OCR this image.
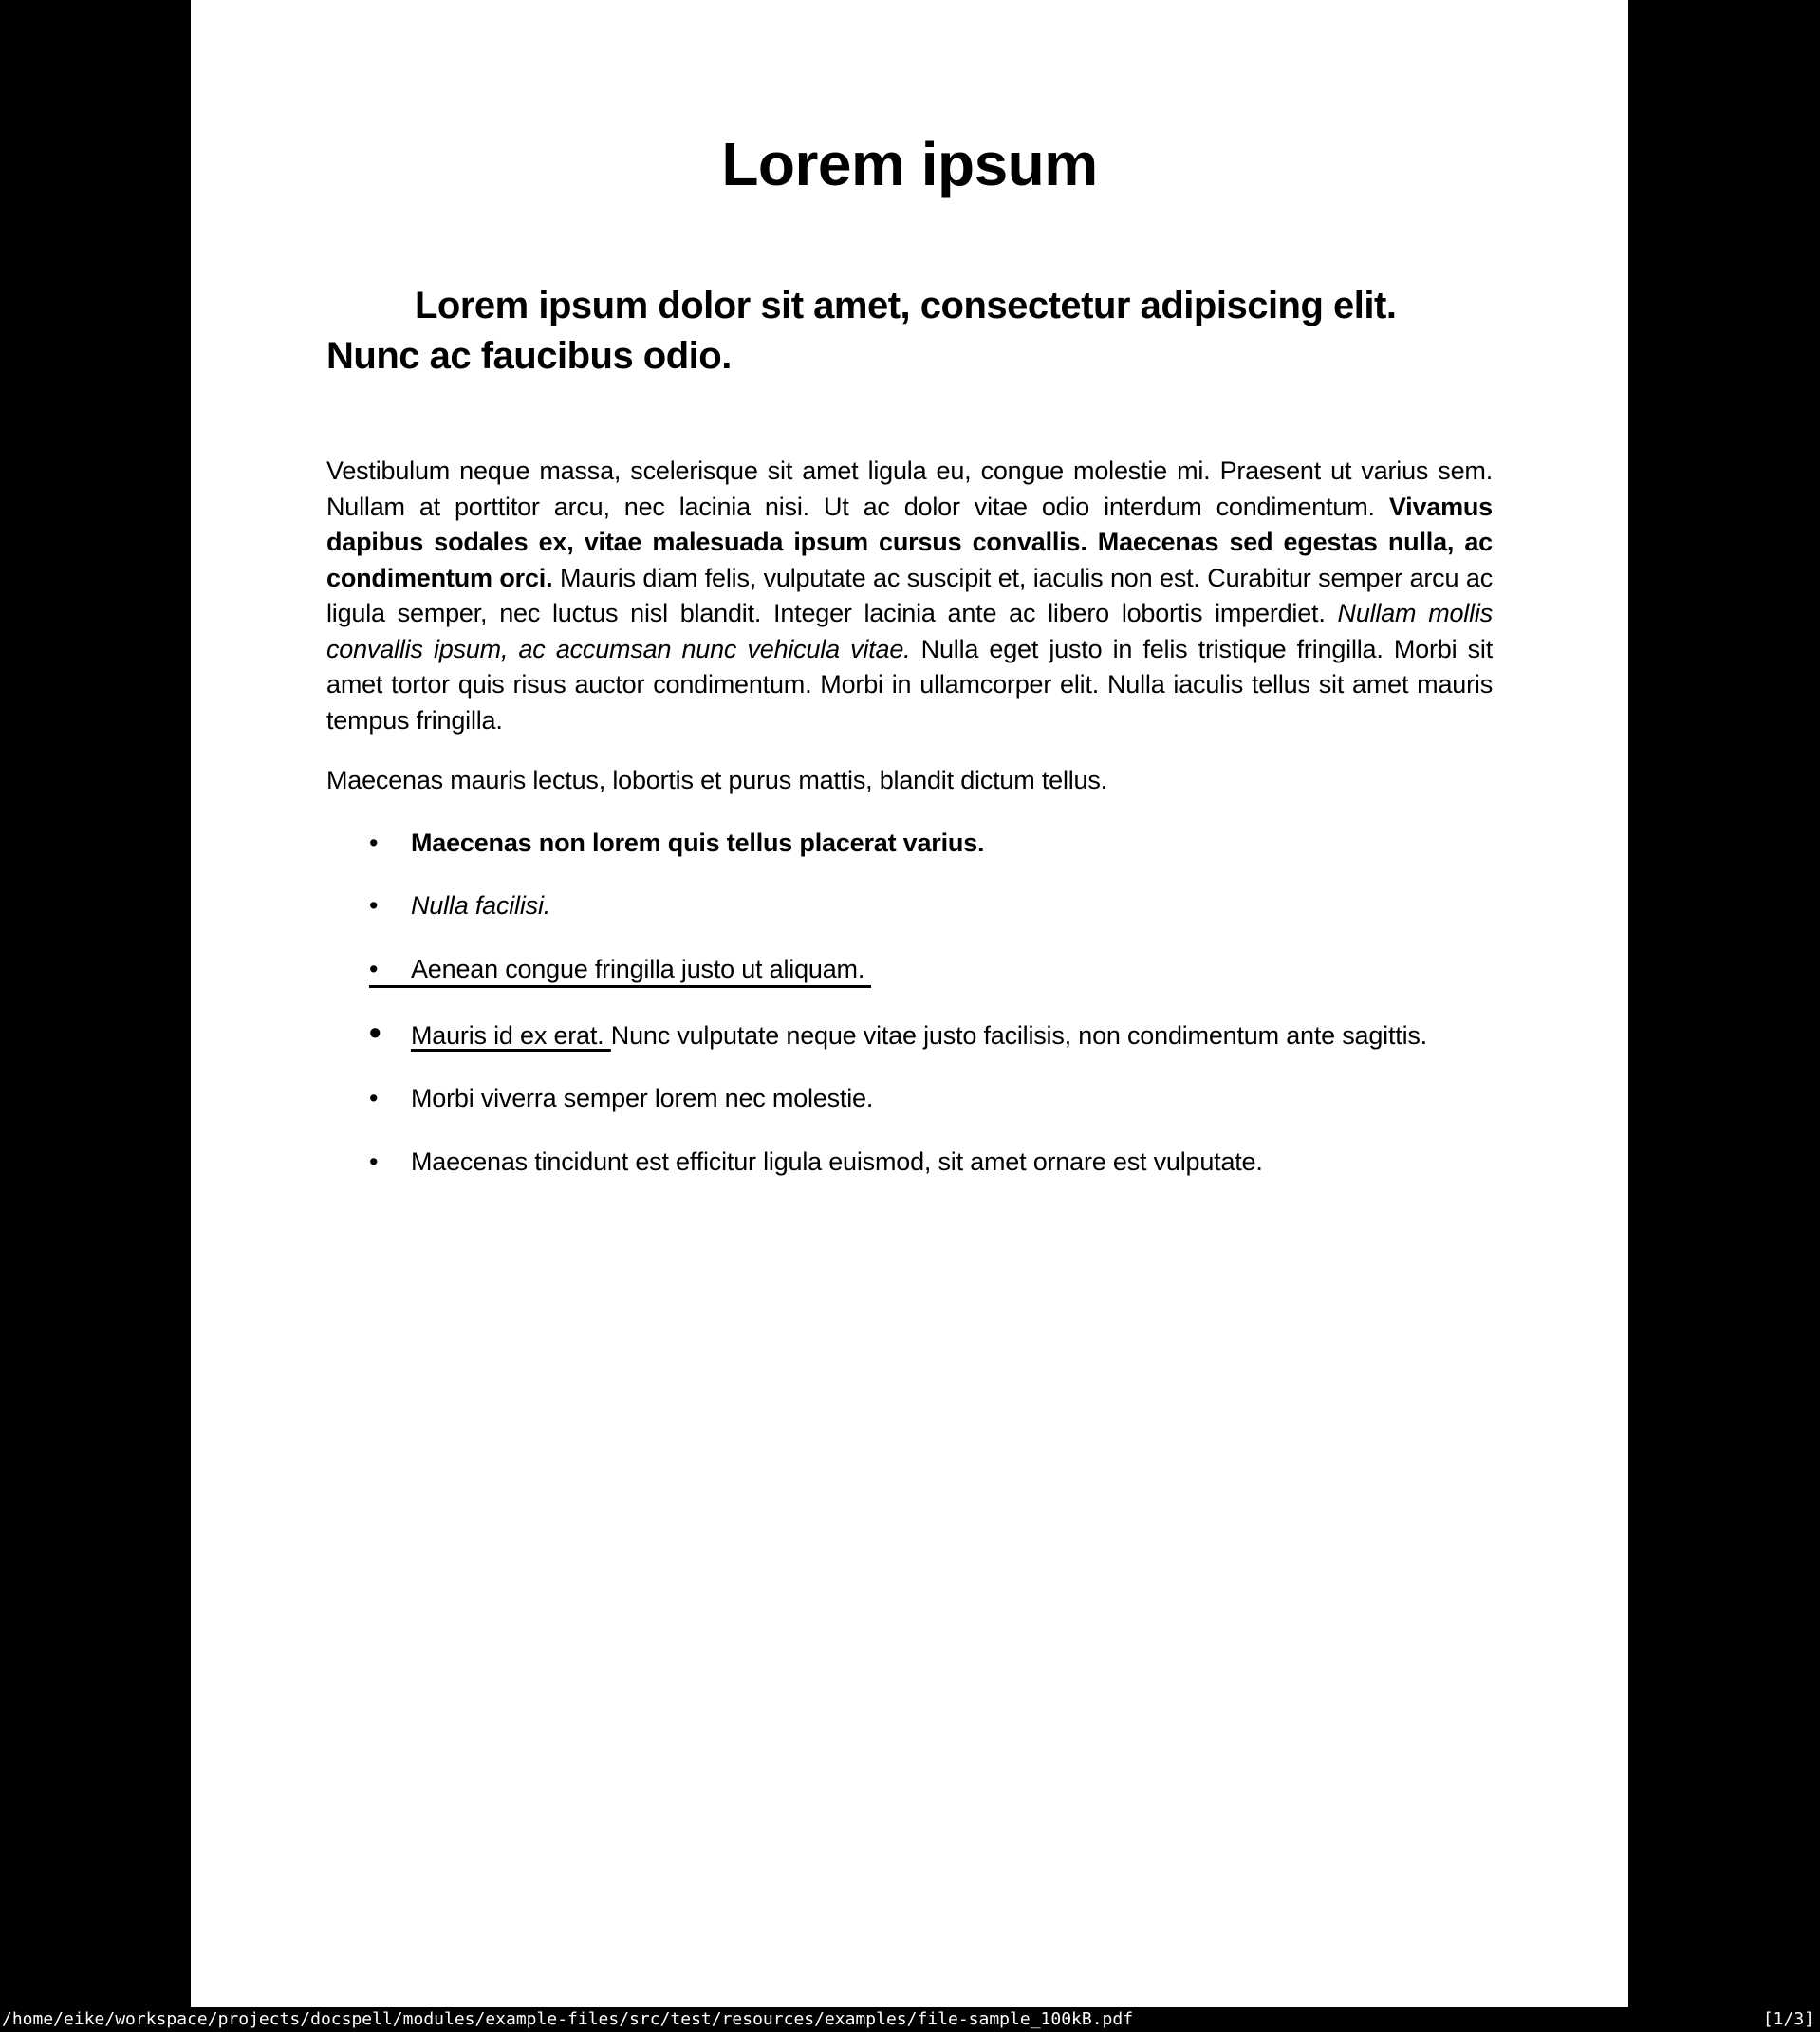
Lorem ipsum
Lorem ipsum dolor sit amet, consectetur adipiscing elit. Nunc ac faucibus odio.

Vestibulum neque massa, scelerisque sit amet ligula eu, congue molestie mi. Praesent ut varius sem. Nullam at porttitor arcu, nec lacinia nisi. Ut ac dolor vitae odio interdum condimentum. Vivamus dapibus sodales ex, vitae malesuada ipsum cursus convallis. Maecenas sed egestas nulla, ac condimentum orci. Mauris diam felis, vulputate ac suscipit et, iaculis non est. Curabitur semper arcu ac ligula semper, nec luctus nisl blandit. Integer lacinia ante ac libero lobortis imperdiet. Nullam mollis convallis ipsum, ac accumsan nunc vehicula vitae. Nulla eget justo in felis tristique fringilla. Morbi sit amet tortor quis risus auctor condimentum. Morbi in ullamcorper elit. Nulla iaculis tellus sit amet mauris tempus fringilla.

Maecenas mauris lectus, lobortis et purus mattis, blandit dictum tellus.

• Maecenas non lorem quis tellus placerat varius.
• Nulla facilisi.
• Aenean congue fringilla justo ut aliquam.
• Mauris id ex erat. Nunc vulputate neque vitae justo facilisis, non condimentum ante sagittis.
• Morbi viverra semper lorem nec molestie.
• Maecenas tincidunt est efficitur ligula euismod, sit amet ornare est vulputate.
/home/eike/workspace/projects/docspell/modules/example-files/src/test/resources/examples/file-sample_100kB.pdf	[1/3]
